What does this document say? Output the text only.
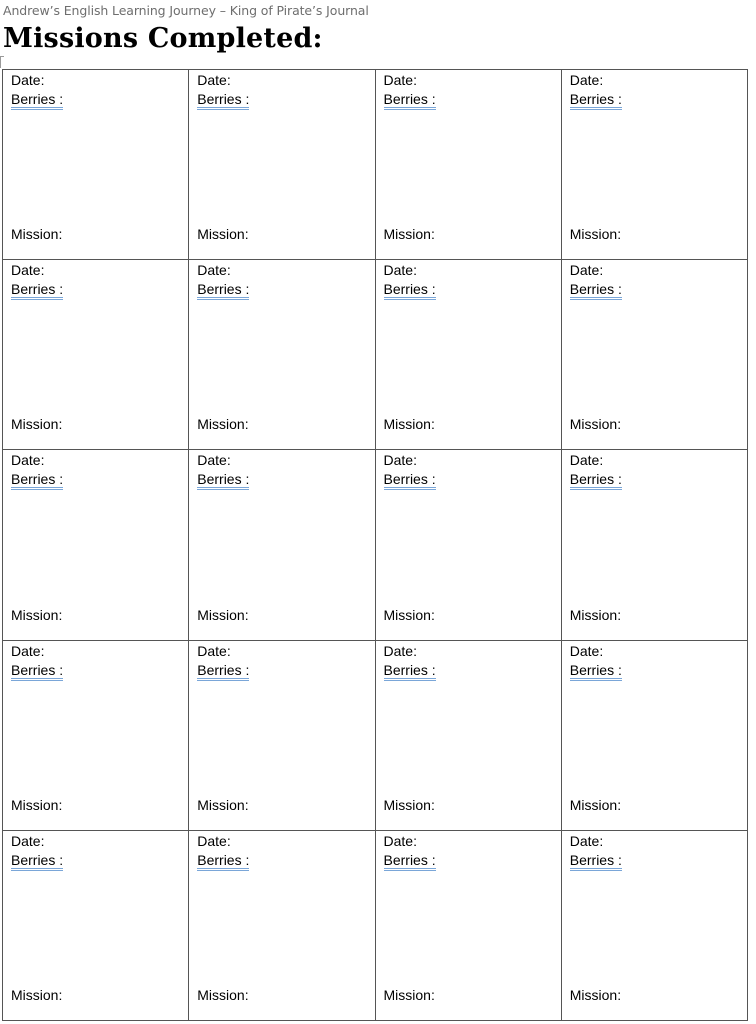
Andrew’s English Learning Journey – King of Pirate’s Journal
Missions Completed:
Date:
Berries :
Mission:
Date:
Berries :
Mission:
Date:
Berries :
Mission:
Date:
Berries :
Mission:
Date:
Berries :
Mission:
Date:
Berries :
Mission:
Date:
Berries :
Mission:
Date:
Berries :
Mission:
Date:
Berries :
Mission:
Date:
Berries :
Mission:
Date:
Berries :
Mission:
Date:
Berries :
Mission:
Date:
Berries :
Mission:
Date:
Berries :
Mission:
Date:
Berries :
Mission:
Date:
Berries :
Mission:
Date:
Berries :
Mission:
Date:
Berries :
Mission:
Date:
Berries :
Mission:
Date:
Berries :
Mission:
